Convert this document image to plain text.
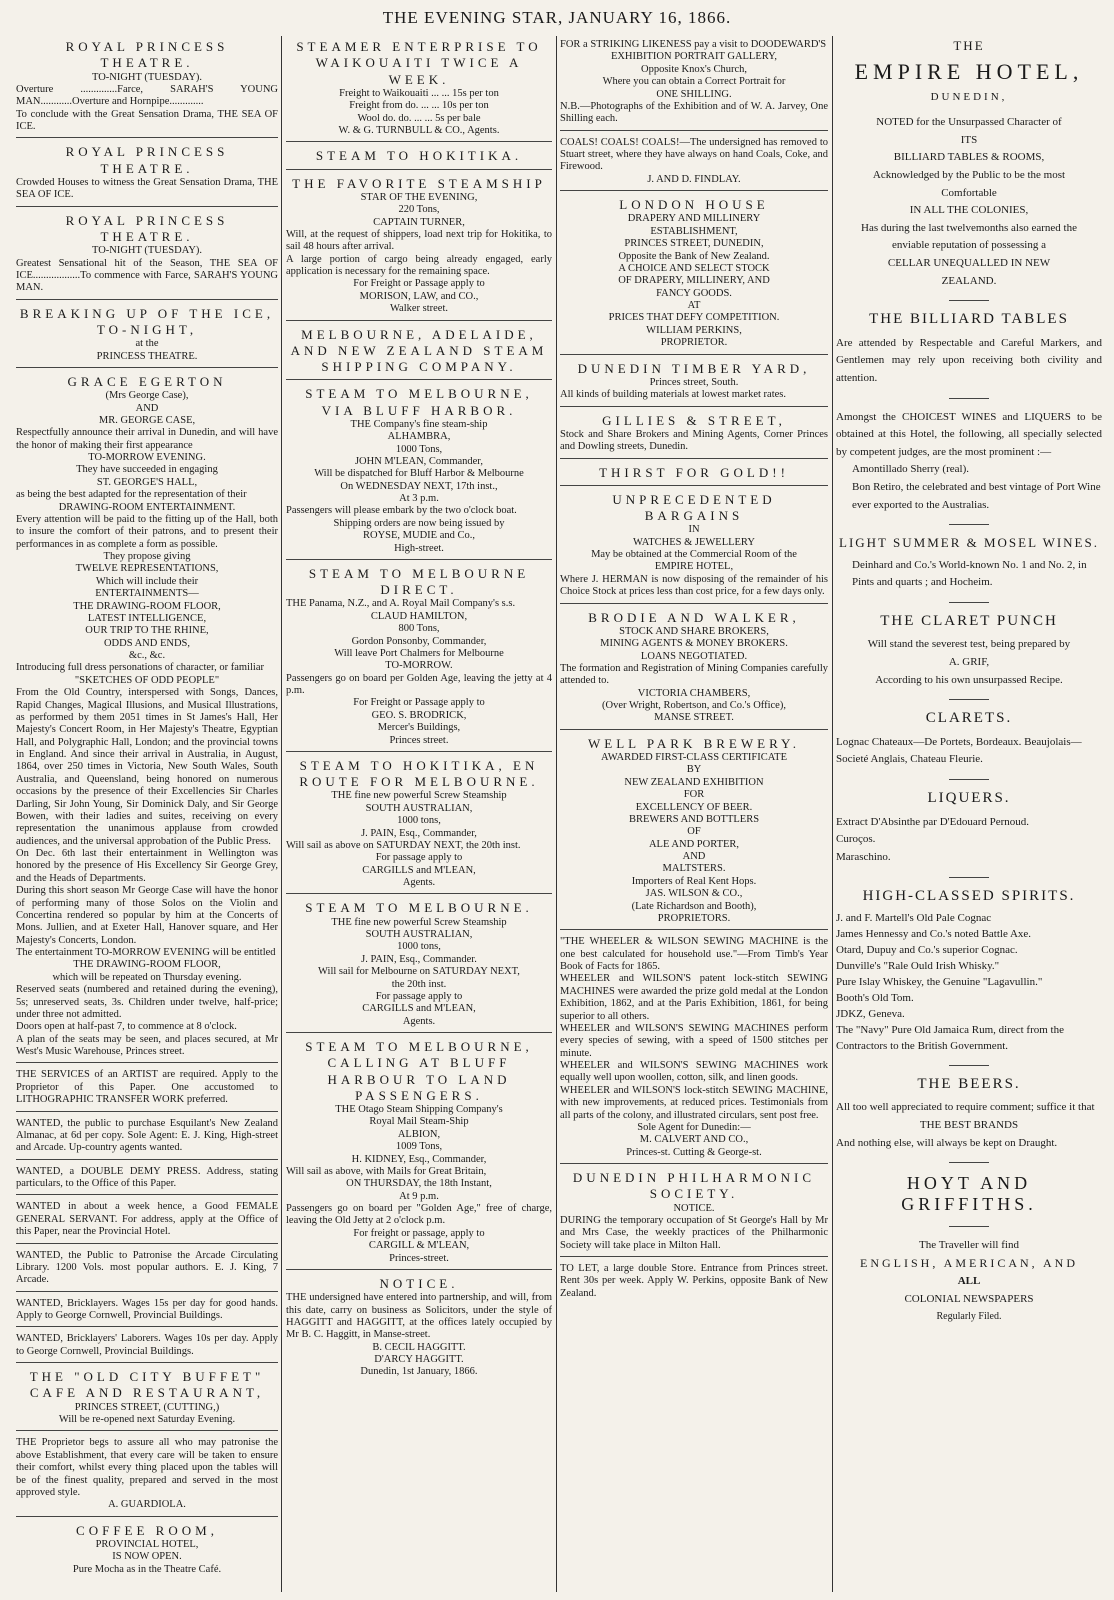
THE EVENING STAR, JANUARY 16, 1866.
ROYAL PRINCESS THEATRE.
TO-NIGHT (TUESDAY).
Overture ..............Farce, SARAH'S YOUNG MAN............Overture and Hornpipe.............
To conclude with the Great Sensation Drama, THE SEA OF ICE.
ROYAL PRINCESS THEATRE.
Crowded Houses to witness the Great Sensation Drama, THE SEA OF ICE.
ROYAL PRINCESS THEATRE.
TO-NIGHT (TUESDAY).
Greatest Sensational hit of the Season, THE SEA OF ICE..................To commence with Farce, SARAH'S YOUNG MAN.
BREAKING UP OF THE ICE, TO-NIGHT,
at the
PRINCESS THEATRE.
GRACE EGERTON
(Mrs George Case),
AND
MR. GEORGE CASE,
Respectfully announce their arrival in Dunedin, and will have the honor of making their first appearance
TO-MORROW EVENING.
They have succeeded in engaging
ST. GEORGE'S HALL,
as being the best adapted for the representation of their
DRAWING-ROOM ENTERTAINMENT.
Every attention will be paid to the fitting up of the Hall, both to insure the comfort of their patrons, and to present their performances in as complete a form as possible.
They propose giving
TWELVE REPRESENTATIONS,
Which will include their
ENTERTAINMENTS—
THE DRAWING-ROOM FLOOR,
LATEST INTELLIGENCE,
OUR TRIP TO THE RHINE,
ODDS AND ENDS,
&c., &c.
Introducing full dress personations of character, or familiar
"SKETCHES OF ODD PEOPLE"
From the Old Country, interspersed with Songs, Dances, Rapid Changes, Magical Illusions, and Musical Illustrations, as performed by them 2051 times in St James's Hall, Her Majesty's Concert Room, in Her Majesty's Theatre, Egyptian Hall, and Polygraphic Hall, London; and the provincial towns in England. And since their arrival in Australia, in August, 1864, over 250 times in Victoria, New South Wales, South Australia, and Queensland, being honored on numerous occasions by the presence of their Excellencies Sir Charles Darling, Sir John Young, Sir Dominick Daly, and Sir George Bowen, with their ladies and suites, receiving on every representation the unanimous applause from crowded audiences, and the universal approbation of the Public Press.
On Dec. 6th last their entertainment in Wellington was honored by the presence of His Excellency Sir George Grey, and the Heads of Departments.
During this short season Mr George Case will have the honor of performing many of those Solos on the Violin and Concertina rendered so popular by him at the Concerts of Mons. Jullien, and at Exeter Hall, Hanover square, and Her Majesty's Concerts, London.
The entertainment TO-MORROW EVENING will be entitled
THE DRAWING-ROOM FLOOR,
which will be repeated on Thursday evening.
Reserved seats (numbered and retained during the evening), 5s; unreserved seats, 3s. Children under twelve, half-price; under three not admitted.
Doors open at half-past 7, to commence at 8 o'clock.
A plan of the seats may be seen, and places secured, at Mr West's Music Warehouse, Princes street.
THE SERVICES of an ARTIST are required. Apply to the Proprietor of this Paper. One accustomed to LITHOGRAPHIC TRANSFER WORK preferred.
WANTED, the public to purchase Esquilant's New Zealand Almanac, at 6d per copy. Sole Agent: E. J. King, High-street and Arcade. Up-country agents wanted.
WANTED, a DOUBLE DEMY PRESS. Address, stating particulars, to the Office of this Paper.
WANTED in about a week hence, a Good FEMALE GENERAL SERVANT. For address, apply at the Office of this Paper, near the Provincial Hotel.
WANTED, the Public to Patronise the Arcade Circulating Library. 1200 Vols. most popular authors. E. J. King, 7 Arcade.
WANTED, Bricklayers. Wages 15s per day for good hands. Apply to George Cornwell, Provincial Buildings.
WANTED, Bricklayers' Laborers. Wages 10s per day. Apply to George Cornwell, Provincial Buildings.
THE "OLD CITY BUFFET" CAFE AND RESTAURANT,
PRINCES STREET, (CUTTING,)
Will be re-opened next Saturday Evening.
THE Proprietor begs to assure all who may patronise the above Establishment, that every care will be taken to ensure their comfort, whilst every thing placed upon the tables will be of the finest quality, prepared and served in the most approved style.
A. GUARDIOLA.
COFFEE ROOM,
PROVINCIAL HOTEL,
IS NOW OPEN.
Pure Mocha as in the Theatre Café.
STEAMER ENTERPRISE TO WAIKOUAITI TWICE A WEEK.
Freight to Waikouaiti ... ... 15s per ton
Freight from do. ... ... 10s per ton
Wool do. do. ... ... 5s per bale
W. & G. TURNBULL & CO., Agents.
STEAM TO HOKITIKA.
THE FAVORITE STEAMSHIP
STAR OF THE EVENING,
220 Tons,
CAPTAIN TURNER,
Will, at the request of shippers, load next trip for Hokitika, to sail 48 hours after arrival.
A large portion of cargo being already engaged, early application is necessary for the remaining space.
For Freight or Passage apply to
MORISON, LAW, and CO.,
Walker street.
MELBOURNE, ADELAIDE, AND NEW ZEALAND STEAM SHIPPING COMPANY.
STEAM TO MELBOURNE, VIA BLUFF HARBOR.
THE Company's fine steam-ship
ALHAMBRA,
1000 Tons,
JOHN M'LEAN, Commander,
Will be dispatched for Bluff Harbor & Melbourne
On WEDNESDAY NEXT, 17th inst.,
At 3 p.m.
Passengers will please embark by the two o'clock boat.
Shipping orders are now being issued by
ROYSE, MUDIE and Co.,
High-street.
STEAM TO MELBOURNE DIRECT.
THE Panama, N.Z., and A. Royal Mail Company's s.s.
CLAUD HAMILTON,
800 Tons,
Gordon Ponsonby, Commander,
Will leave Port Chalmers for Melbourne
TO-MORROW.
Passengers go on board per Golden Age, leaving the jetty at 4 p.m.
For Freight or Passage apply to
GEO. S. BRODRICK,
Mercer's Buildings,
Princes street.
STEAM TO HOKITIKA, EN ROUTE FOR MELBOURNE.
THE fine new powerful Screw Steamship
SOUTH AUSTRALIAN,
1000 tons,
J. PAIN, Esq., Commander,
Will sail as above on SATURDAY NEXT, the 20th inst.
For passage apply to
CARGILLS and M'LEAN,
Agents.
STEAM TO MELBOURNE.
THE fine new powerful Screw Steamship
SOUTH AUSTRALIAN,
1000 tons,
J. PAIN, Esq., Commander.
Will sail for Melbourne on SATURDAY NEXT,
the 20th inst.
For passage apply to
CARGILLS and M'LEAN,
Agents.
STEAM TO MELBOURNE, CALLING AT BLUFF HARBOUR TO LAND PASSENGERS.
THE Otago Steam Shipping Company's
Royal Mail Steam-Ship
ALBION,
1009 Tons,
H. KIDNEY, Esq., Commander,
Will sail as above, with Mails for Great Britain,
ON THURSDAY, the 18th Instant,
At 9 p.m.
Passengers go on board per "Golden Age," free of charge, leaving the Old Jetty at 2 o'clock p.m.
For freight or passage, apply to
CARGILL & M'LEAN,
Princes-street.
NOTICE.
THE undersigned have entered into partnership, and will, from this date, carry on business as Solicitors, under the style of HAGGITT and HAGGITT, at the offices lately occupied by Mr B. C. Haggitt, in Manse-street.
B. CECIL HAGGITT.
D'ARCY HAGGITT.
Dunedin, 1st January, 1866.
FOR a STRIKING LIKENESS pay a visit to DOODEWARD'S
EXHIBITION PORTRAIT GALLERY,
Opposite Knox's Church,
Where you can obtain a Correct Portrait for
ONE SHILLING.
N.B.—Photographs of the Exhibition and of W. A. Jarvey, One Shilling each.
COALS! COALS! COALS!—The undersigned has removed to Stuart street, where they have always on hand Coals, Coke, and Firewood.
J. AND D. FINDLAY.
LONDON HOUSE
DRAPERY AND MILLINERY
ESTABLISHMENT,
PRINCES STREET, DUNEDIN,
Opposite the Bank of New Zealand.
A CHOICE AND SELECT STOCK
OF DRAPERY, MILLINERY, AND
FANCY GOODS.
AT
PRICES THAT DEFY COMPETITION.
WILLIAM PERKINS,
PROPRIETOR.
DUNEDIN TIMBER YARD,
Princes street, South.
All kinds of building materials at lowest market rates.
GILLIES & STREET,
Stock and Share Brokers and Mining Agents, Corner Princes and Dowling streets, Dunedin.
THIRST FOR GOLD!!
UNPRECEDENTED BARGAINS
IN
WATCHES & JEWELLERY
May be obtained at the Commercial Room of the
EMPIRE HOTEL,
Where J. HERMAN is now disposing of the remainder of his Choice Stock at prices less than cost price, for a few days only.
BRODIE AND WALKER,
STOCK AND SHARE BROKERS,
MINING AGENTS & MONEY BROKERS.
LOANS NEGOTIATED.
The formation and Registration of Mining Companies carefully attended to.
VICTORIA CHAMBERS,
(Over Wright, Robertson, and Co.'s Office),
MANSE STREET.
WELL PARK BREWERY.
AWARDED FIRST-CLASS CERTIFICATE
BY
NEW ZEALAND EXHIBITION
FOR
EXCELLENCY OF BEER.
BREWERS AND BOTTLERS
OF
ALE AND PORTER,
AND
MALTSTERS.
Importers of Real Kent Hops.
JAS. WILSON & CO.,
(Late Richardson and Booth),
PROPRIETORS.
"THE WHEELER & WILSON SEWING MACHINE is the one best calculated for household use."—From Timb's Year Book of Facts for 1865.
WHEELER and WILSON'S patent lock-stitch SEWING MACHINES were awarded the prize gold medal at the London Exhibition, 1862, and at the Paris Exhibition, 1861, for being superior to all others.
WHEELER and WILSON'S SEWING MACHINES perform every species of sewing, with a speed of 1500 stitches per minute.
WHEELER and WILSON'S SEWING MACHINES work equally well upon woollen, cotton, silk, and linen goods.
WHEELER and WILSON'S lock-stitch SEWING MACHINE, with new improvements, at reduced prices. Testimonials from all parts of the colony, and illustrated circulars, sent post free.
Sole Agent for Dunedin:—
M. CALVERT AND CO.,
Princes-st. Cutting & George-st.
DUNEDIN PHILHARMONIC SOCIETY.
NOTICE.
DURING the temporary occupation of St George's Hall by Mr and Mrs Case, the weekly practices of the Philharmonic Society will take place in Milton Hall.
TO LET, a large double Store. Entrance from Princes street. Rent 30s per week. Apply W. Perkins, opposite Bank of New Zealand.
THE
EMPIRE HOTEL,
DUNEDIN,
NOTED for the Unsurpassed Character of
ITS
BILLIARD TABLES & ROOMS,
Acknowledged by the Public to be the most
Comfortable
IN ALL THE COLONIES,
Has during the last twelvemonths also earned the
enviable reputation of possessing a
CELLAR UNEQUALLED IN NEW
ZEALAND.
THE BILLIARD TABLES
Are attended by Respectable and Careful Markers, and Gentlemen may rely upon receiving both civility and attention.
Amongst the CHOICEST WINES and LIQUERS to be obtained at this Hotel, the following, all specially selected by competent judges, are the most prominent :—
Amontillado Sherry (real).
Bon Retiro, the celebrated and best vintage of Port Wine ever exported to the Australias.
LIGHT SUMMER & MOSEL WINES.
Deinhard and Co.'s World-known No. 1 and No. 2, in Pints and quarts ; and Hocheim.
THE CLARET PUNCH
Will stand the severest test, being prepared by
A. GRIF,
According to his own unsurpassed Recipe.
CLARETS.
Lognac Chateaux—De Portets, Bordeaux. Beaujolais—Societé Anglais, Chateau Fleurie.
LIQUERS.
Extract D'Absinthe par D'Edouard Pernoud.
Curoços.
Maraschino.
HIGH-CLASSED SPIRITS.
J. and F. Martell's Old Pale Cognac
James Hennessy and Co.'s noted Battle Axe.
Otard, Dupuy and Co.'s superior Cognac.
Dunville's "Rale Ould Irish Whisky."
Pure Islay Whiskey, the Genuine "Lagavullin."
Booth's Old Tom.
JDKZ, Geneva.
The "Navy" Pure Old Jamaica Rum, direct from the Contractors to the British Government.
THE BEERS.
All too well appreciated to require comment; suffice it that
THE BEST BRANDS
And nothing else, will always be kept on Draught.
HOYT AND GRIFFITHS.
The Traveller will find
ENGLISH, AMERICAN, AND
ALL
COLONIAL NEWSPAPERS
Regularly Filed.
